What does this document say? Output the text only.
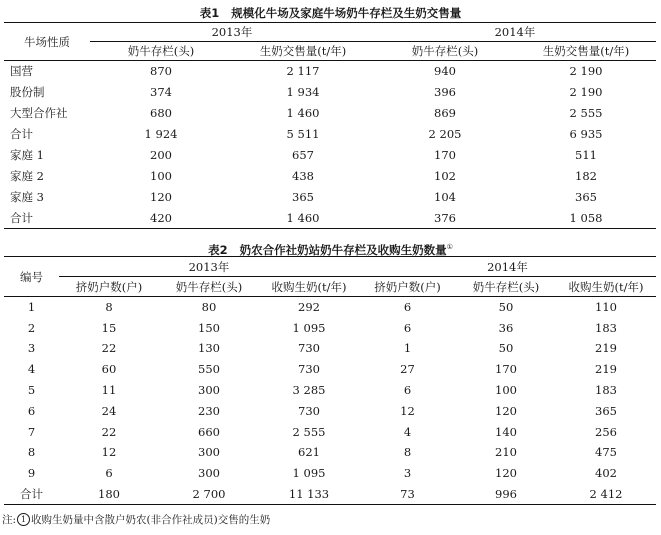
表1 规模化牛场及家庭牛场奶牛存栏及生奶交售量
牛场性质	2013年		2014年	
	奶牛存栏(头)	生奶交售量(t/年)	奶牛存栏(头)	生奶交售量(t/年)
国营	870	2 117	940	2 190
股份制	374	1 934	396	2 190
大型合作社	680	1 460	869	2 555
合计	1 924	5 511	2 205	6 935
家庭 1	200	657	170	511
家庭 2	100	438	102	182
家庭 3	120	365	104	365
合计	420	1 460	376	1 058
表2 奶农合作社奶站奶牛存栏及收购生奶数量①
编号	2013年			2014年		
	挤奶户数(户)	奶牛存栏(头)	收购生奶(t/年)	挤奶户数(户)	奶牛存栏(头)	收购生奶(t/年)
1	8	80	292	6	50	110
2	15	150	1 095	6	36	183
3	22	130	730	1	50	219
4	60	550	730	27	170	219
5	11	300	3 285	6	100	183
6	24	230	730	12	120	365
7	22	660	2 555	4	140	256
8	12	300	621	8	210	475
9	6	300	1 095	3	120	402
合计	180	2 700	11 133	73	996	2 412
注: 1 收购生奶量中含散户奶农(非合作社成员)交售的生奶
